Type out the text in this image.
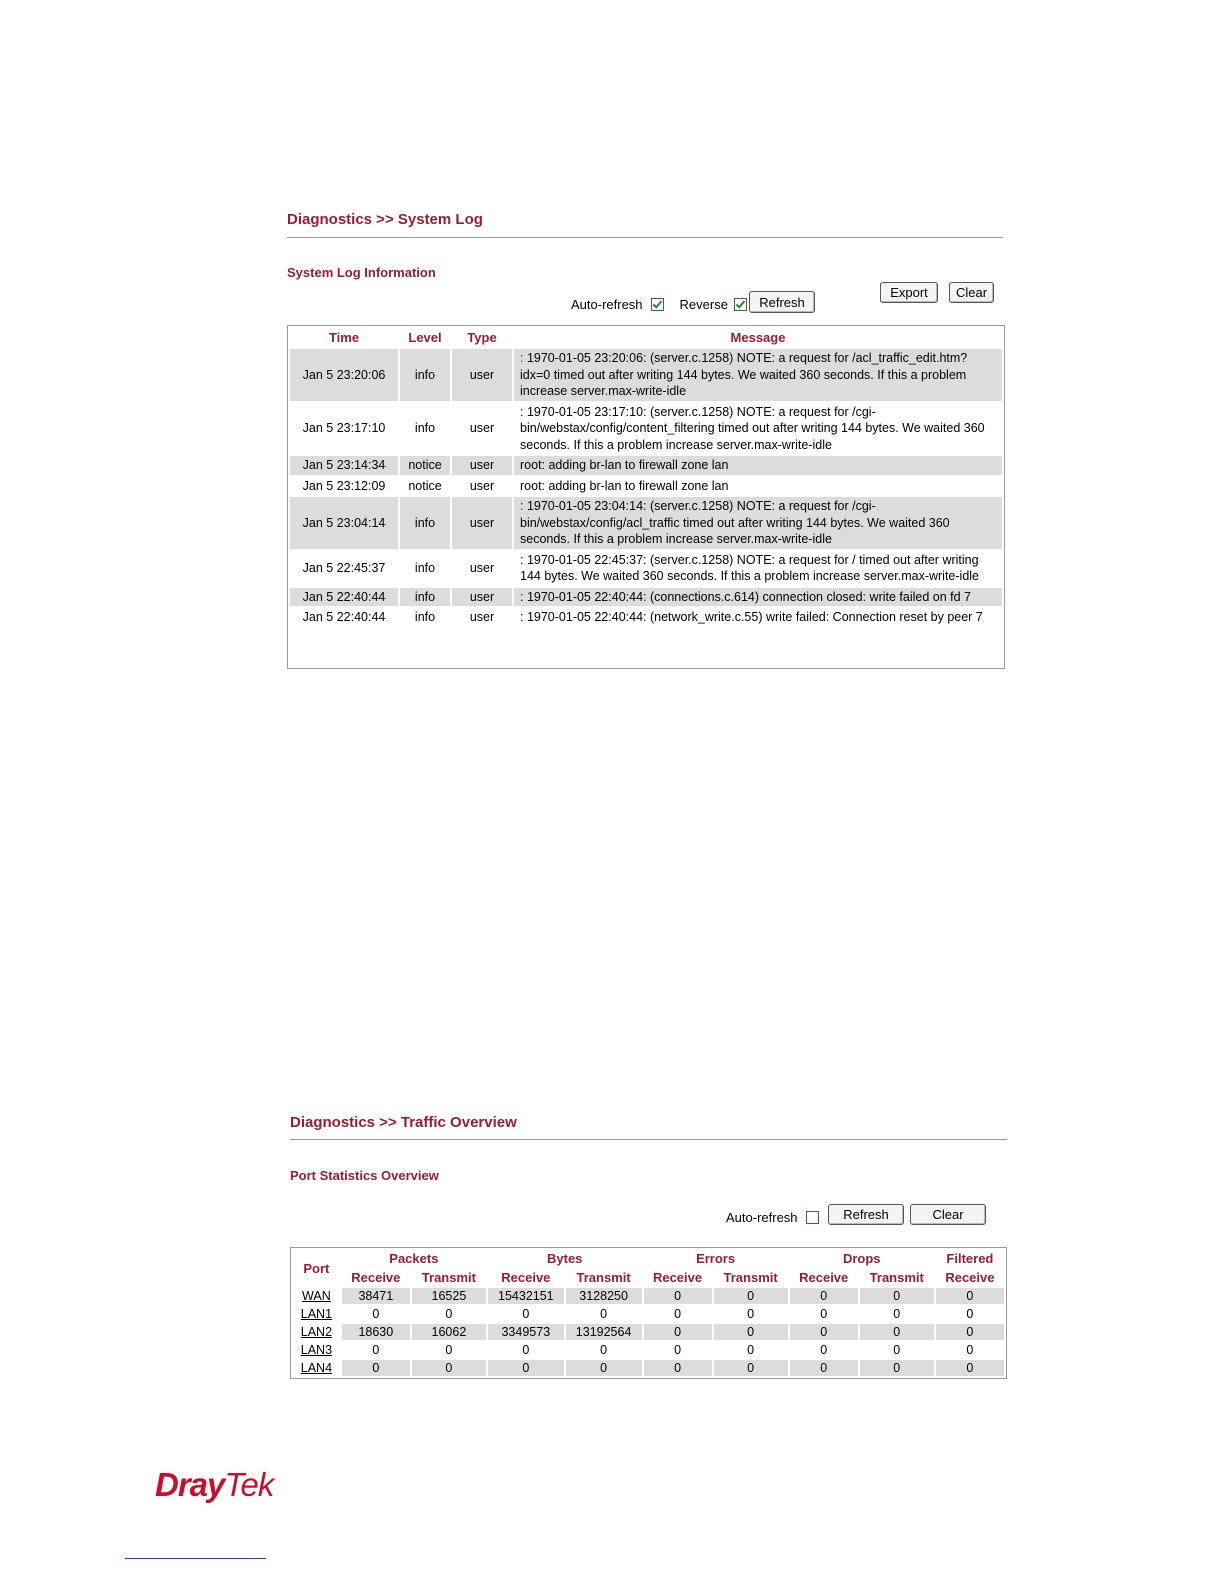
Diagnostics >> System Log
System Log Information
Auto-refresh	Reverse	Refresh
Export	Clear
Time	Level	Type	Message
Jan 5 23:20:06	info	user	: 1970-01-05 23:20:06: (server.c.1258) NOTE: a request for /acl_traffic_edit.htm?idx=0 timed out after writing 144 bytes. We waited 360 seconds. If this a problem increase server.max-write-idle
Jan 5 23:17:10	info	user	: 1970-01-05 23:17:10: (server.c.1258) NOTE: a request for /cgi-bin/webstax/config/content_filtering timed out after writing 144 bytes. We waited 360 seconds. If this a problem increase server.max-write-idle
Jan 5 23:14:34	notice	user	root: adding br-lan to firewall zone lan
Jan 5 23:12:09	notice	user	root: adding br-lan to firewall zone lan
Jan 5 23:04:14	info	user	: 1970-01-05 23:04:14: (server.c.1258) NOTE: a request for /cgi-bin/webstax/config/acl_traffic timed out after writing 144 bytes. We waited 360 seconds. If this a problem increase server.max-write-idle
Jan 5 22:45:37	info	user	: 1970-01-05 22:45:37: (server.c.1258) NOTE: a request for / timed out after writing 144 bytes. We waited 360 seconds. If this a problem increase server.max-write-idle
Jan 5 22:40:44	info	user	: 1970-01-05 22:40:44: (connections.c.614) connection closed: write failed on fd 7
Jan 5 22:40:44	info	user	: 1970-01-05 22:40:44: (network_write.c.55) write failed: Connection reset by peer 7
Diagnostics >> Traffic Overview
Port Statistics Overview
Auto-refresh	Refresh	Clear
Port	Packets		Bytes		Errors		Drops		Filtered
	Receive	Transmit	Receive	Transmit	Receive	Transmit	Receive	Transmit	Receive
WAN	38471	16525	15432151	3128250	0	0	0	0	0
LAN1	0	0	0	0	0	0	0	0	0
LAN2	18630	16062	3349573	13192564	0	0	0	0	0
LAN3	0	0	0	0	0	0	0	0	0
LAN4	0	0	0	0	0	0	0	0	0
DrayTek
